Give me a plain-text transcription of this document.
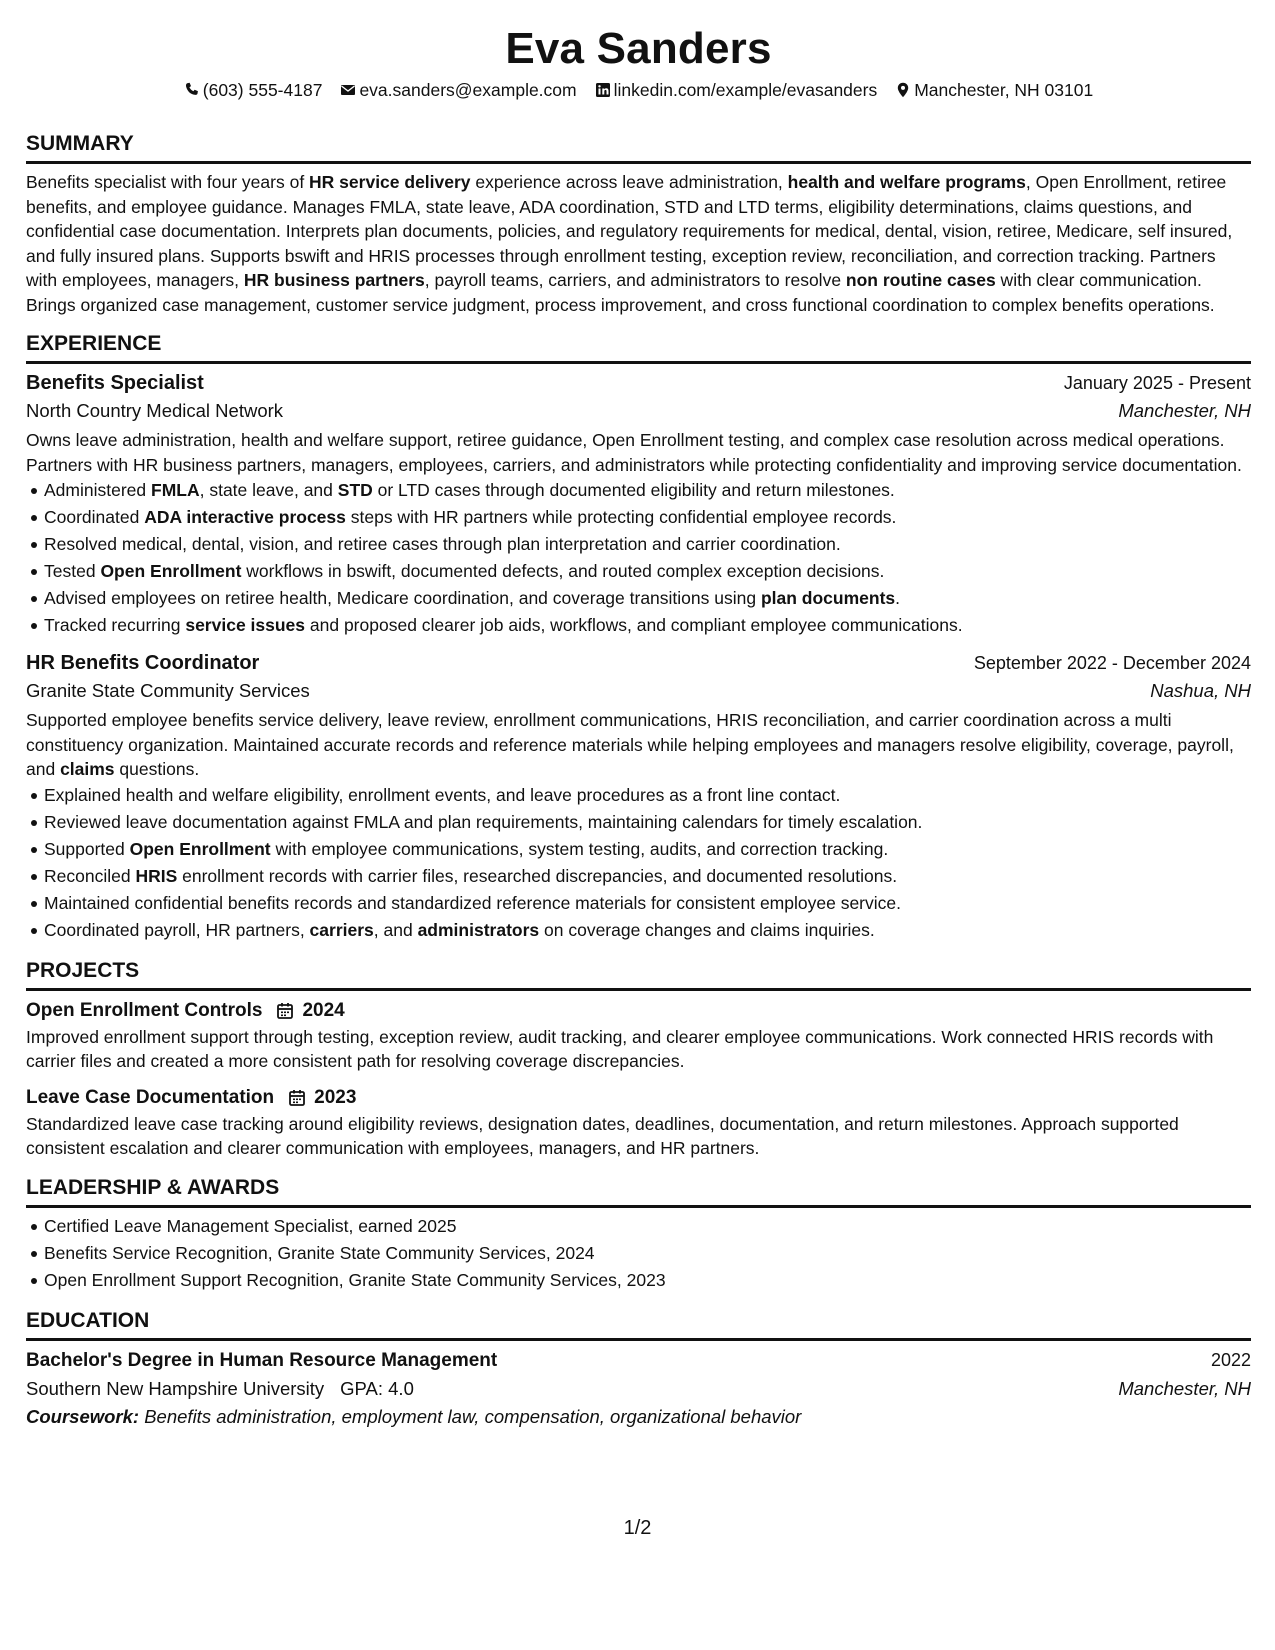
Eva Sanders
(603) 555-4187 eva.sanders@example.com linkedin.com/example/evasanders Manchester, NH 03101
SUMMARY

Benefits specialist with four years of HR service delivery experience across leave administration, health and welfare programs, Open Enrollment, retiree benefits, and employee guidance. Manages FMLA, state leave, ADA coordination, STD and LTD terms, eligibility determinations, claims questions, and confidential case documentation. Interprets plan documents, policies, and regulatory requirements for medical, dental, vision, retiree, Medicare, self insured, and fully insured plans. Supports bswift and HRIS processes through enrollment testing, exception review, reconciliation, and correction tracking. Partners with employees, managers, HR business partners, payroll teams, carriers, and administrators to resolve non routine cases with clear communication. Brings organized case management, customer service judgment, process improvement, and cross functional coordination to complex benefits operations.

EXPERIENCE
Benefits Specialist	January 2025 - Present
North Country Medical Network	Manchester, NH

Owns leave administration, health and welfare support, retiree guidance, Open Enrollment testing, and complex case resolution across medical operations. Partners with HR business partners, managers, employees, carriers, and administrators while protecting confidentiality and improving service documentation.

Administered FMLA, state leave, and STD or LTD cases through documented eligibility and return milestones.
Coordinated ADA interactive process steps with HR partners while protecting confidential employee records.
Resolved medical, dental, vision, and retiree cases through plan interpretation and carrier coordination.
Tested Open Enrollment workflows in bswift, documented defects, and routed complex exception decisions.
Advised employees on retiree health, Medicare coordination, and coverage transitions using plan documents.
Tracked recurring service issues and proposed clearer job aids, workflows, and compliant employee communications.
HR Benefits Coordinator	September 2022 - December 2024
Granite State Community Services	Nashua, NH

Supported employee benefits service delivery, leave review, enrollment communications, HRIS reconciliation, and carrier coordination across a multi constituency organization. Maintained accurate records and reference materials while helping employees and managers resolve eligibility, coverage, payroll, and claims questions.

Explained health and welfare eligibility, enrollment events, and leave procedures as a front line contact.
Reviewed leave documentation against FMLA and plan requirements, maintaining calendars for timely escalation.
Supported Open Enrollment with employee communications, system testing, audits, and correction tracking.
Reconciled HRIS enrollment records with carrier files, researched discrepancies, and documented resolutions.
Maintained confidential benefits records and standardized reference materials for consistent employee service.
Coordinated payroll, HR partners, carriers, and administrators on coverage changes and claims inquiries.
PROJECTS
Open Enrollment Controls 2024

Improved enrollment support through testing, exception review, audit tracking, and clearer employee communications. Work connected HRIS records with carrier files and created a more consistent path for resolving coverage discrepancies.

Leave Case Documentation 2023

Standardized leave case tracking around eligibility reviews, designation dates, deadlines, documentation, and return milestones. Approach supported consistent escalation and clearer communication with employees, managers, and HR partners.

LEADERSHIP & AWARDS
Certified Leave Management Specialist, earned 2025
Benefits Service Recognition, Granite State Community Services, 2024
Open Enrollment Support Recognition, Granite State Community Services, 2023
EDUCATION
Bachelor's Degree in Human Resource Management	2022
Southern New Hampshire University GPA: 4.0	Manchester, NH
Coursework: Benefits administration, employment law, compensation, organizational behavior
1/2
